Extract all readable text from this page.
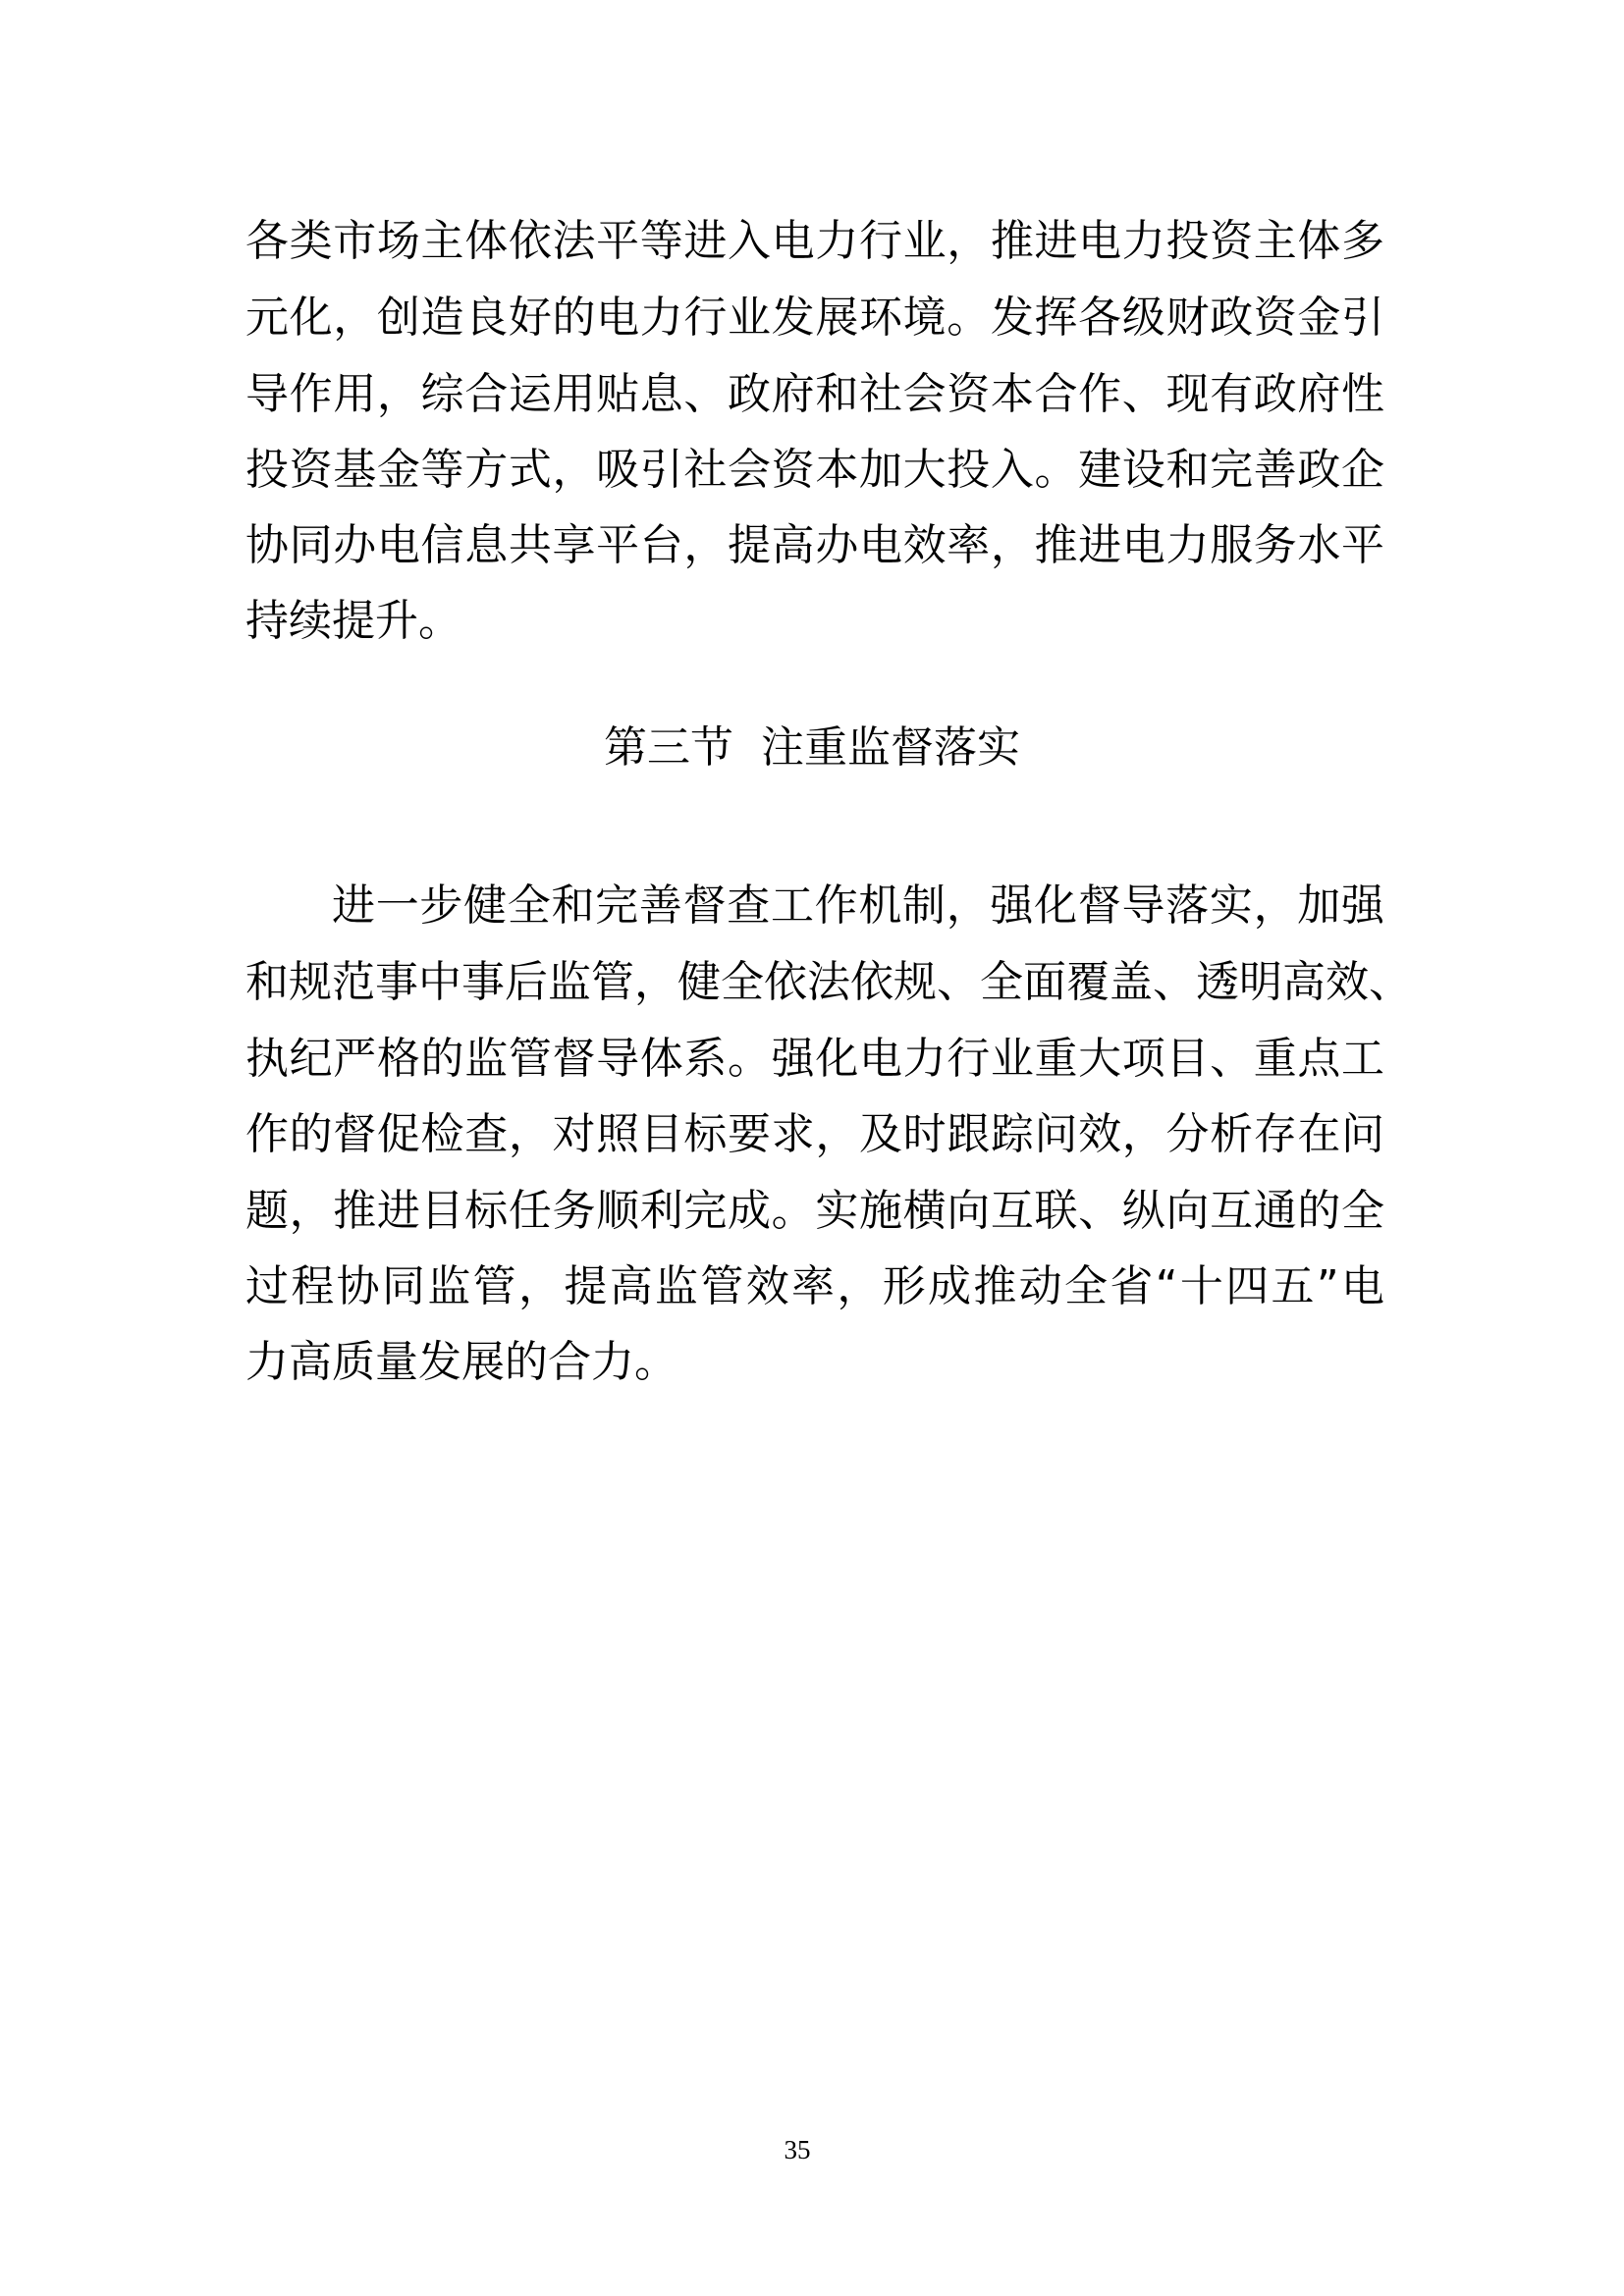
各类市场主体依法平等进入电力行业，推进电力投资主体多
元化，创造良好的电力行业发展环境。发挥各级财政资金引
导作用，综合运用贴息、政府和社会资本合作、现有政府性
投资基金等方式，吸引社会资本加大投入。建设和完善政企
协同办电信息共享平台，提高办电效率，推进电力服务水平
持续提升。
第三节  注重监督落实
进一步健全和完善督查工作机制，强化督导落实，加强
和规范事中事后监管，健全依法依规、全面覆盖、透明高效、
执纪严格的监管督导体系。强化电力行业重大项目、重点工
作的督促检查，对照目标要求，及时跟踪问效，分析存在问
题，推进目标任务顺利完成。实施横向互联、纵向互通的全
过程协同监管，提高监管效率，形成推动全省“十四五”电
力高质量发展的合力。
35
